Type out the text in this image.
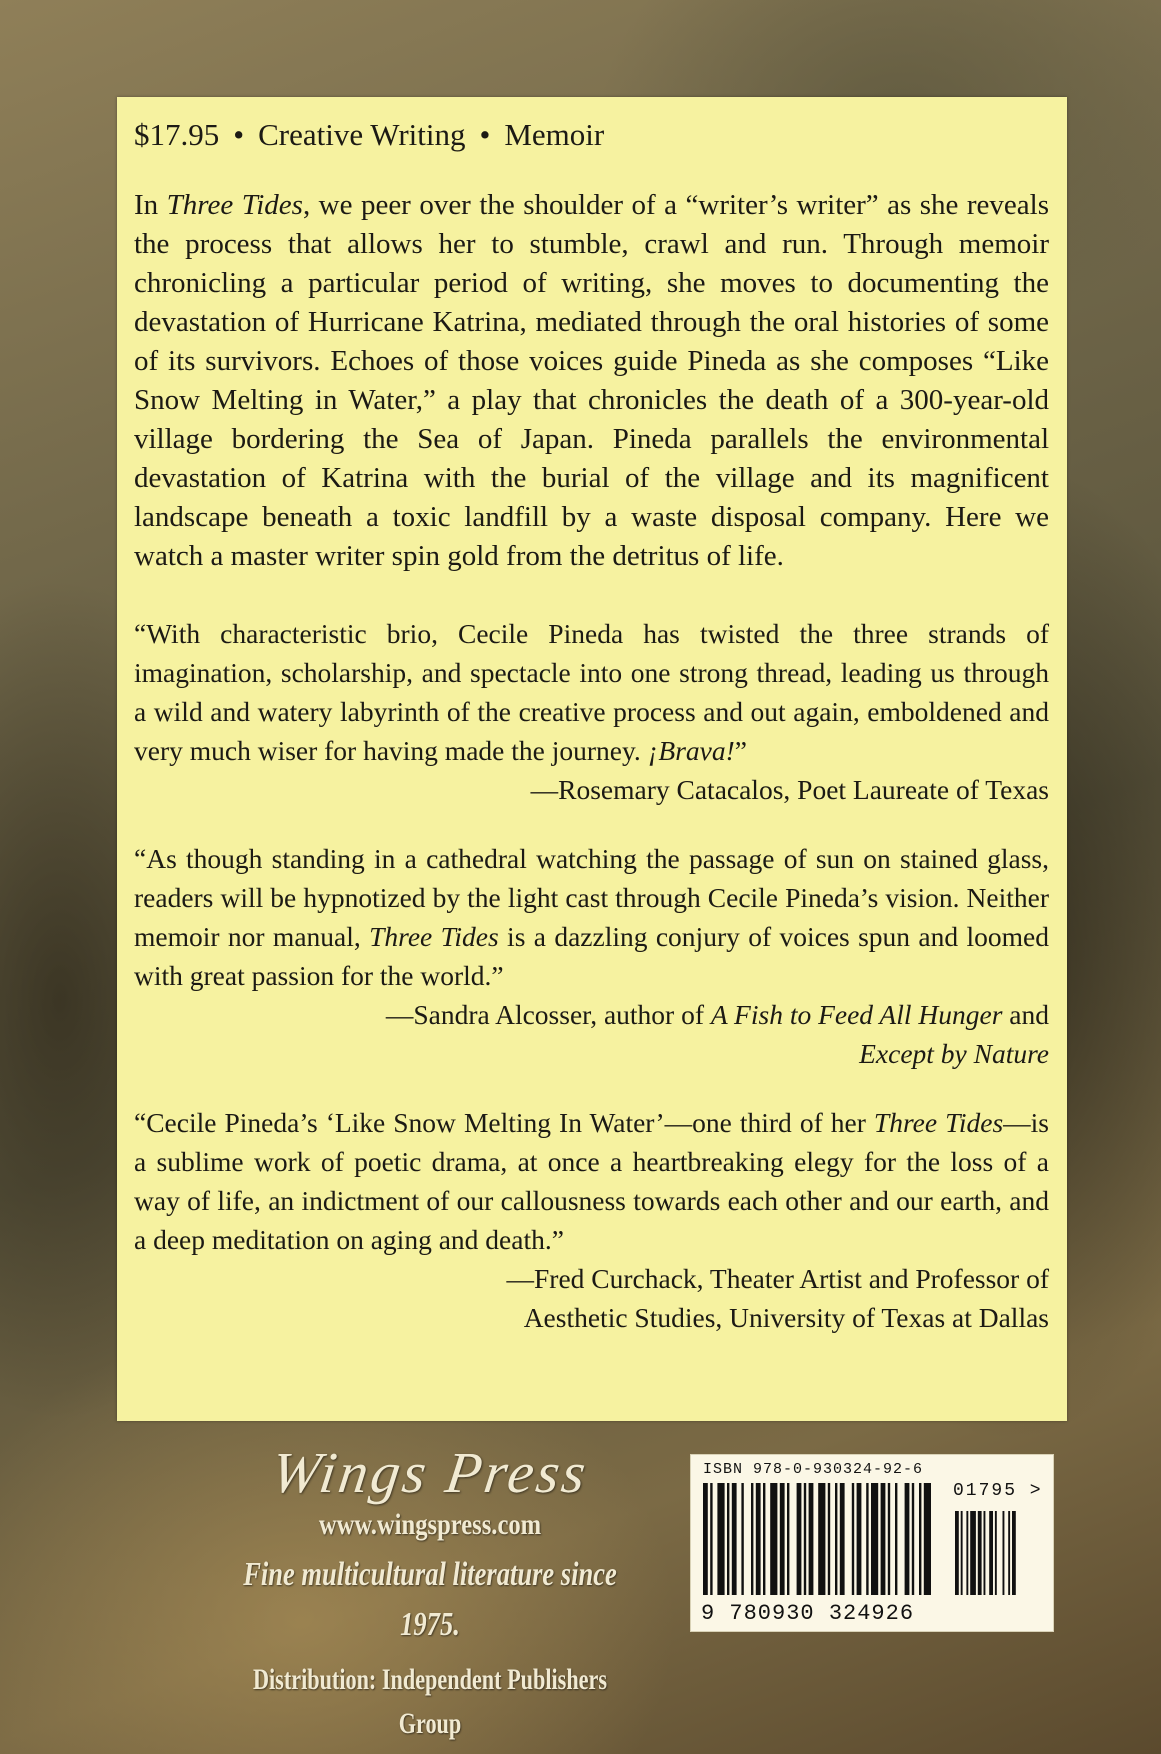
$17.95 • Creative Writing • Memoir

In Three Tides, we peer over the shoulder of a “writer’s writer” as she reveals the process that allows her to stumble, crawl and run. Through memoir chronicling a particular period of writing, she moves to documenting the devastation of Hurricane Katrina, mediated through the oral histories of some of its survivors. Echoes of those voices guide Pineda as she composes “Like Snow Melting in Water,” a play that chronicles the death of a 300-year-old village bordering the Sea of Japan. Pineda parallels the environmental devastation of Katrina with the burial of the village and its magnificent landscape beneath a toxic landfill by a waste disposal company. Here we watch a master writer spin gold from the detritus of life.

“With characteristic brio, Cecile Pineda has twisted the three strands of imagination, scholarship, and spectacle into one strong thread, leading us through a wild and watery labyrinth of the creative process and out again, emboldened and very much wiser for having made the journey. ¡Brava!”

—Rosemary Catacalos, Poet Laureate of Texas

“As though standing in a cathedral watching the passage of sun on stained glass, readers will be hypnotized by the light cast through Cecile Pineda’s vision. Neither memoir nor manual, Three Tides is a dazzling conjury of voices spun and loomed with great passion for the world.”

—Sandra Alcosser, author of A Fish to Feed All Hunger and
Except by Nature

“Cecile Pineda’s ‘Like Snow Melting In Water’—one third of her Three Tides—is a sublime work of poetic drama, at once a heartbreaking elegy for the loss of a way of life, an indictment of our callousness towards each other and our earth, and a deep meditation on aging and death.”

—Fred Curchack, Theater Artist and Professor of
Aesthetic Studies, University of Texas at Dallas

Wings Press
www.wingspress.com
Fine multicultural literature since 1975.
Distribution: Independent Publishers Group
ISBN 978-0-930324-92-6
01795 >
9 780930 324926
